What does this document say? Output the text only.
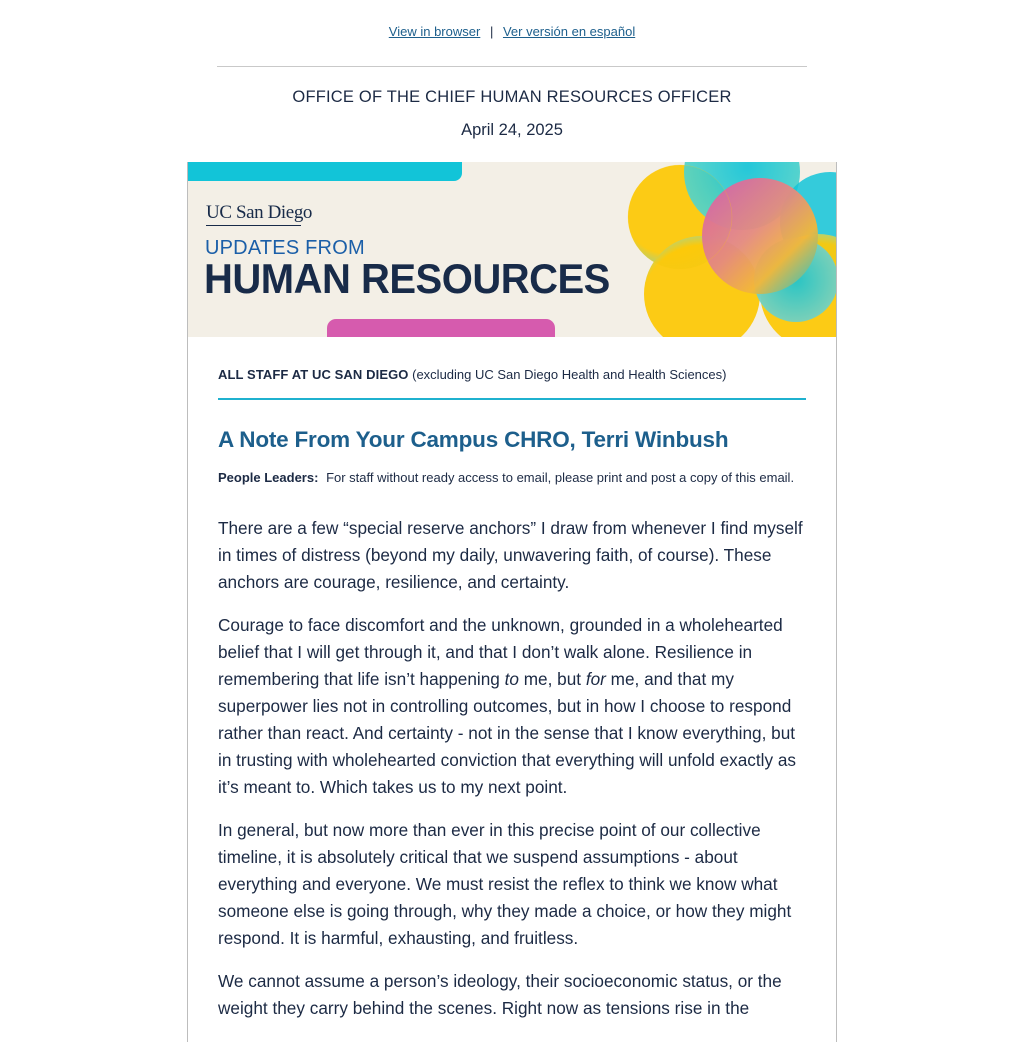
View in browser | Ver versión en español
OFFICE OF THE CHIEF HUMAN RESOURCES OFFICER
April 24, 2025
UC San Diego
UPDATES FROM
HUMAN RESOURCES
ALL STAFF AT UC SAN DIEGO (excluding UC San Diego Health and Health Sciences)
A Note From Your Campus CHRO, Terri Winbush
People Leaders: For staff without ready access to email, please print and post a copy of this email.

There are a few “special reserve anchors” I draw from whenever I find myself in times of distress (beyond my daily, unwavering faith, of course). These anchors are courage, resilience, and certainty.

Courage to face discomfort and the unknown, grounded in a wholehearted belief that I will get through it, and that I don’t walk alone. Resilience in remembering that life isn’t happening to me, but for me, and that my superpower lies not in controlling outcomes, but in how I choose to respond rather than react. And certainty - not in the sense that I know everything, but in trusting with wholehearted conviction that everything will unfold exactly as it’s meant to. Which takes us to my next point.

In general, but now more than ever in this precise point of our collective timeline, it is absolutely critical that we suspend assumptions - about everything and everyone. We must resist the reflex to think we know what someone else is going through, why they made a choice, or how they might respond. It is harmful, exhausting, and fruitless.

We cannot assume a person’s ideology, their socioeconomic status, or the weight they carry behind the scenes. Right now as tensions rise in the
